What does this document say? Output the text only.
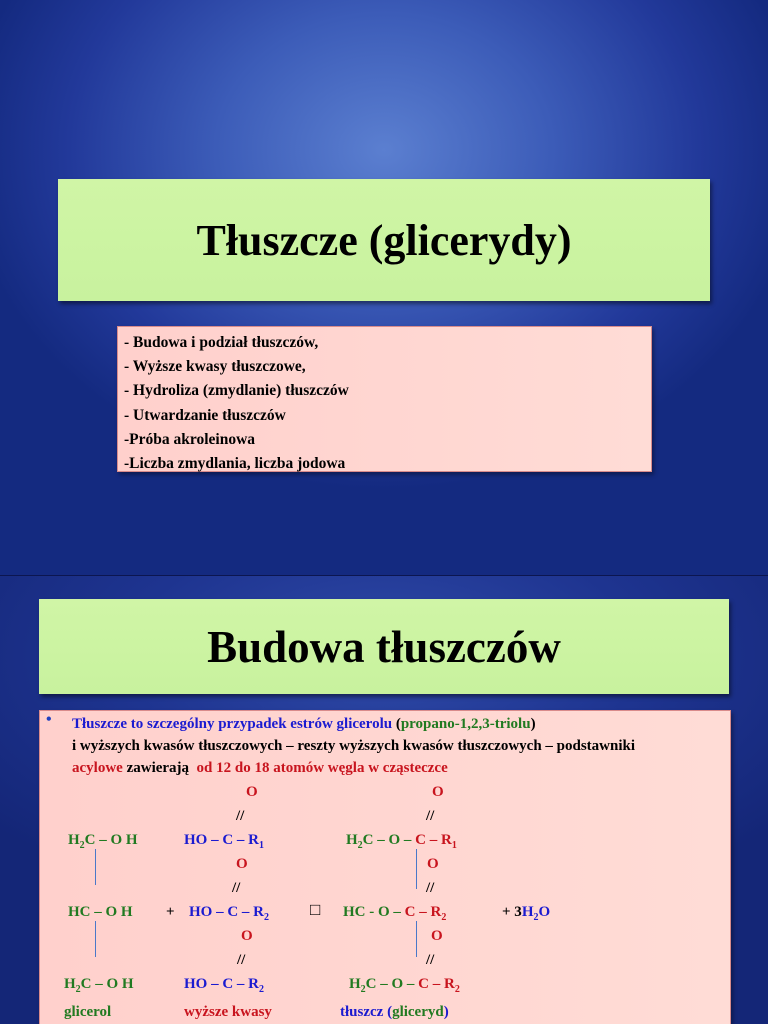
Tłuszcze (glicerydy)
- Budowa i podział tłuszczów,
- Wyższe kwasy tłuszczowe,
- Hydroliza (zmydlanie) tłuszczów
- Utwardzanie tłuszczów
-Próba akroleinowa
-Liczba zmydlania, liczba jodowa
Budowa tłuszczów
• Tłuszcze to szczególny przypadek estrów glicerolu (propano-1,2,3-triolu)
i wyższych kwasów tłuszczowych – reszty wyższych kwasów tłuszczowych – podstawniki
acylowe zawierają od 12 do 18 atomów węgla w cząsteczce
O	O
//	//
$H_2C$ – O H	HO – C – $R_1$	$H_2C$ – O – C – $R_1$
O	O
//	//
HC – O H + HO – C – $R_2$ □ HC - O – C – $R_2$	+ $3H_2O$
O	O
//	//
$H_2C$ – O H	HO – C – $R_2$	$H_2C$ – O – C – $R_2$
glicerol	wyższe kwasy	tłuszcz (gliceryd)
